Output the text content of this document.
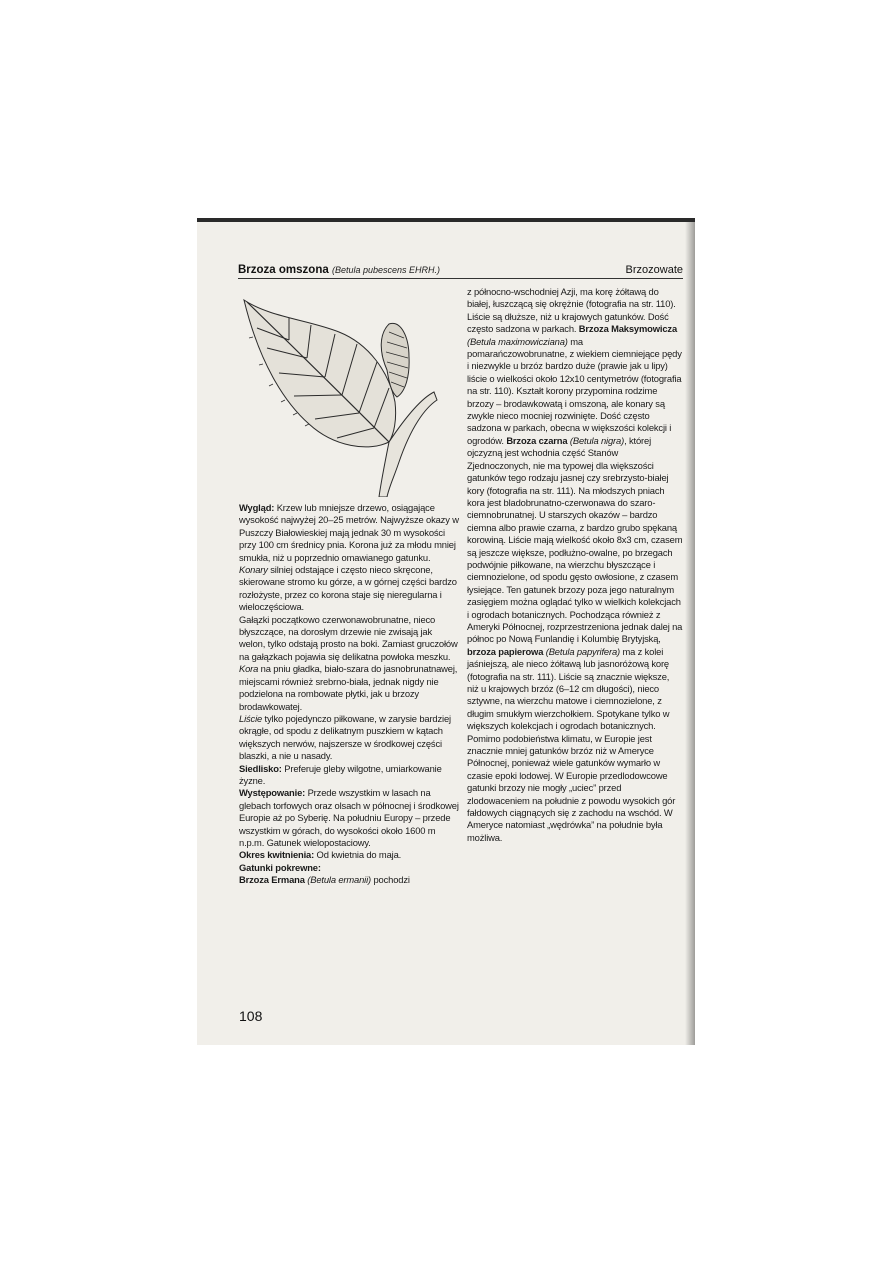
Brzoza omszona (Betula pubescens EHRH.)	Brzozowate

Wygląd: Krzew lub mniejsze drzewo, osiągające wysokość najwyżej 20–25 metrów. Najwyższe okazy w Puszczy Białowieskiej mają jednak 30 m wysokości przy 100 cm średnicy pnia. Korona już za młodu mniej smukła, niż u poprzednio omawianego gatunku.

Konary silniej odstające i często nieco skręcone, skierowane stromo ku górze, a w górnej części bardzo rozłożyste, przez co korona staje się nieregularna i wieloczęściowa.

Gałązki początkowo czerwonawobrunatne, nieco błyszczące, na dorosłym drzewie nie zwisają jak welon, tylko odstają prosto na boki. Zamiast gruczołów na gałązkach pojawia się delikatna powłoka meszku.

Kora na pniu gładka, biało-szara do jasnobrunatnawej, miejscami również srebrno-biała, jednak nigdy nie podzielona na rombowate płytki, jak u brzozy brodawkowatej.

Liście tylko pojedynczo piłkowane, w zarysie bardziej okrągłe, od spodu z delikatnym puszkiem w kątach większych nerwów, najszersze w środkowej części blaszki, a nie u nasady.

Siedlisko: Preferuje gleby wilgotne, umiarkowanie żyzne.

Występowanie: Przede wszystkim w lasach na glebach torfowych oraz olsach w północnej i środkowej Europie aż po Syberię. Na południu Europy – przede wszystkim w górach, do wysokości około 1600 m n.p.m. Gatunek wielopostaciowy.

Okres kwitnienia: Od kwietnia do maja.

Gatunki pokrewne:

Brzoza Ermana (Betula ermanii) pochodzi

z północno-wschodniej Azji, ma korę żółtawą do białej, łuszczącą się okrężnie (fotografia na str. 110). Liście są dłuższe, niż u krajowych gatunków. Dość często sadzona w parkach. Brzoza Maksymowicza (Betula maximowicziana) ma pomarańczowobrunatne, z wiekiem ciemniejące pędy i niezwykle u brzóz bardzo duże (prawie jak u lipy) liście o wielkości około 12x10 centymetrów (fotografia na str. 110). Kształt korony przypomina rodzime brzozy – brodawkowatą i omszoną, ale konary są zwykle nieco mocniej rozwinięte. Dość często sadzona w parkach, obecna w większości kolekcji i ogrodów. Brzoza czarna (Betula nigra), której ojczyzną jest wchodnia część Stanów Zjednoczonych, nie ma typowej dla większości gatunków tego rodzaju jasnej czy srebrzysto-białej kory (fotografia na str. 111). Na młodszych pniach kora jest bladobrunatno-czerwonawa do szaro-ciemnobrunatnej. U starszych okazów – bardzo ciemna albo prawie czarna, z bardzo grubo spękaną korowiną. Liście mają wielkość około 8x3 cm, czasem są jeszcze większe, podłużno-owalne, po brzegach podwójnie piłkowane, na wierzchu błyszczące i ciemnozielone, od spodu gęsto owłosione, z czasem łysiejące. Ten gatunek brzozy poza jego naturalnym zasięgiem można oglądać tylko w wielkich kolekcjach i ogrodach botanicznych. Pochodząca również z Ameryki Północnej, rozprzestrzeniona jednak dalej na północ po Nową Funlandię i Kolumbię Brytyjską, brzoza papierowa (Betula papyrifera) ma z kolei jaśniejszą, ale nieco żółtawą lub jasnoróżową korę (fotografia na str. 111). Liście są znacznie większe, niż u krajowych brzóz (6–12 cm długości), nieco sztywne, na wierzchu matowe i ciemnozielone, z długim smukłym wierzchołkiem. Spotykane tylko w większych kolekcjach i ogrodach botanicznych. Pomimo podobieństwa klimatu, w Europie jest znacznie mniej gatunków brzóz niż w Ameryce Północnej, ponieważ wiele gatunków wymarło w czasie epoki lodowej. W Europie przedlodowcowe gatunki brzozy nie mogły „uciec” przed zlodowaceniem na południe z powodu wysokich gór fałdowych ciągnących się z zachodu na wschód. W Ameryce natomiast „wędrówka” na południe była możliwa.

108
